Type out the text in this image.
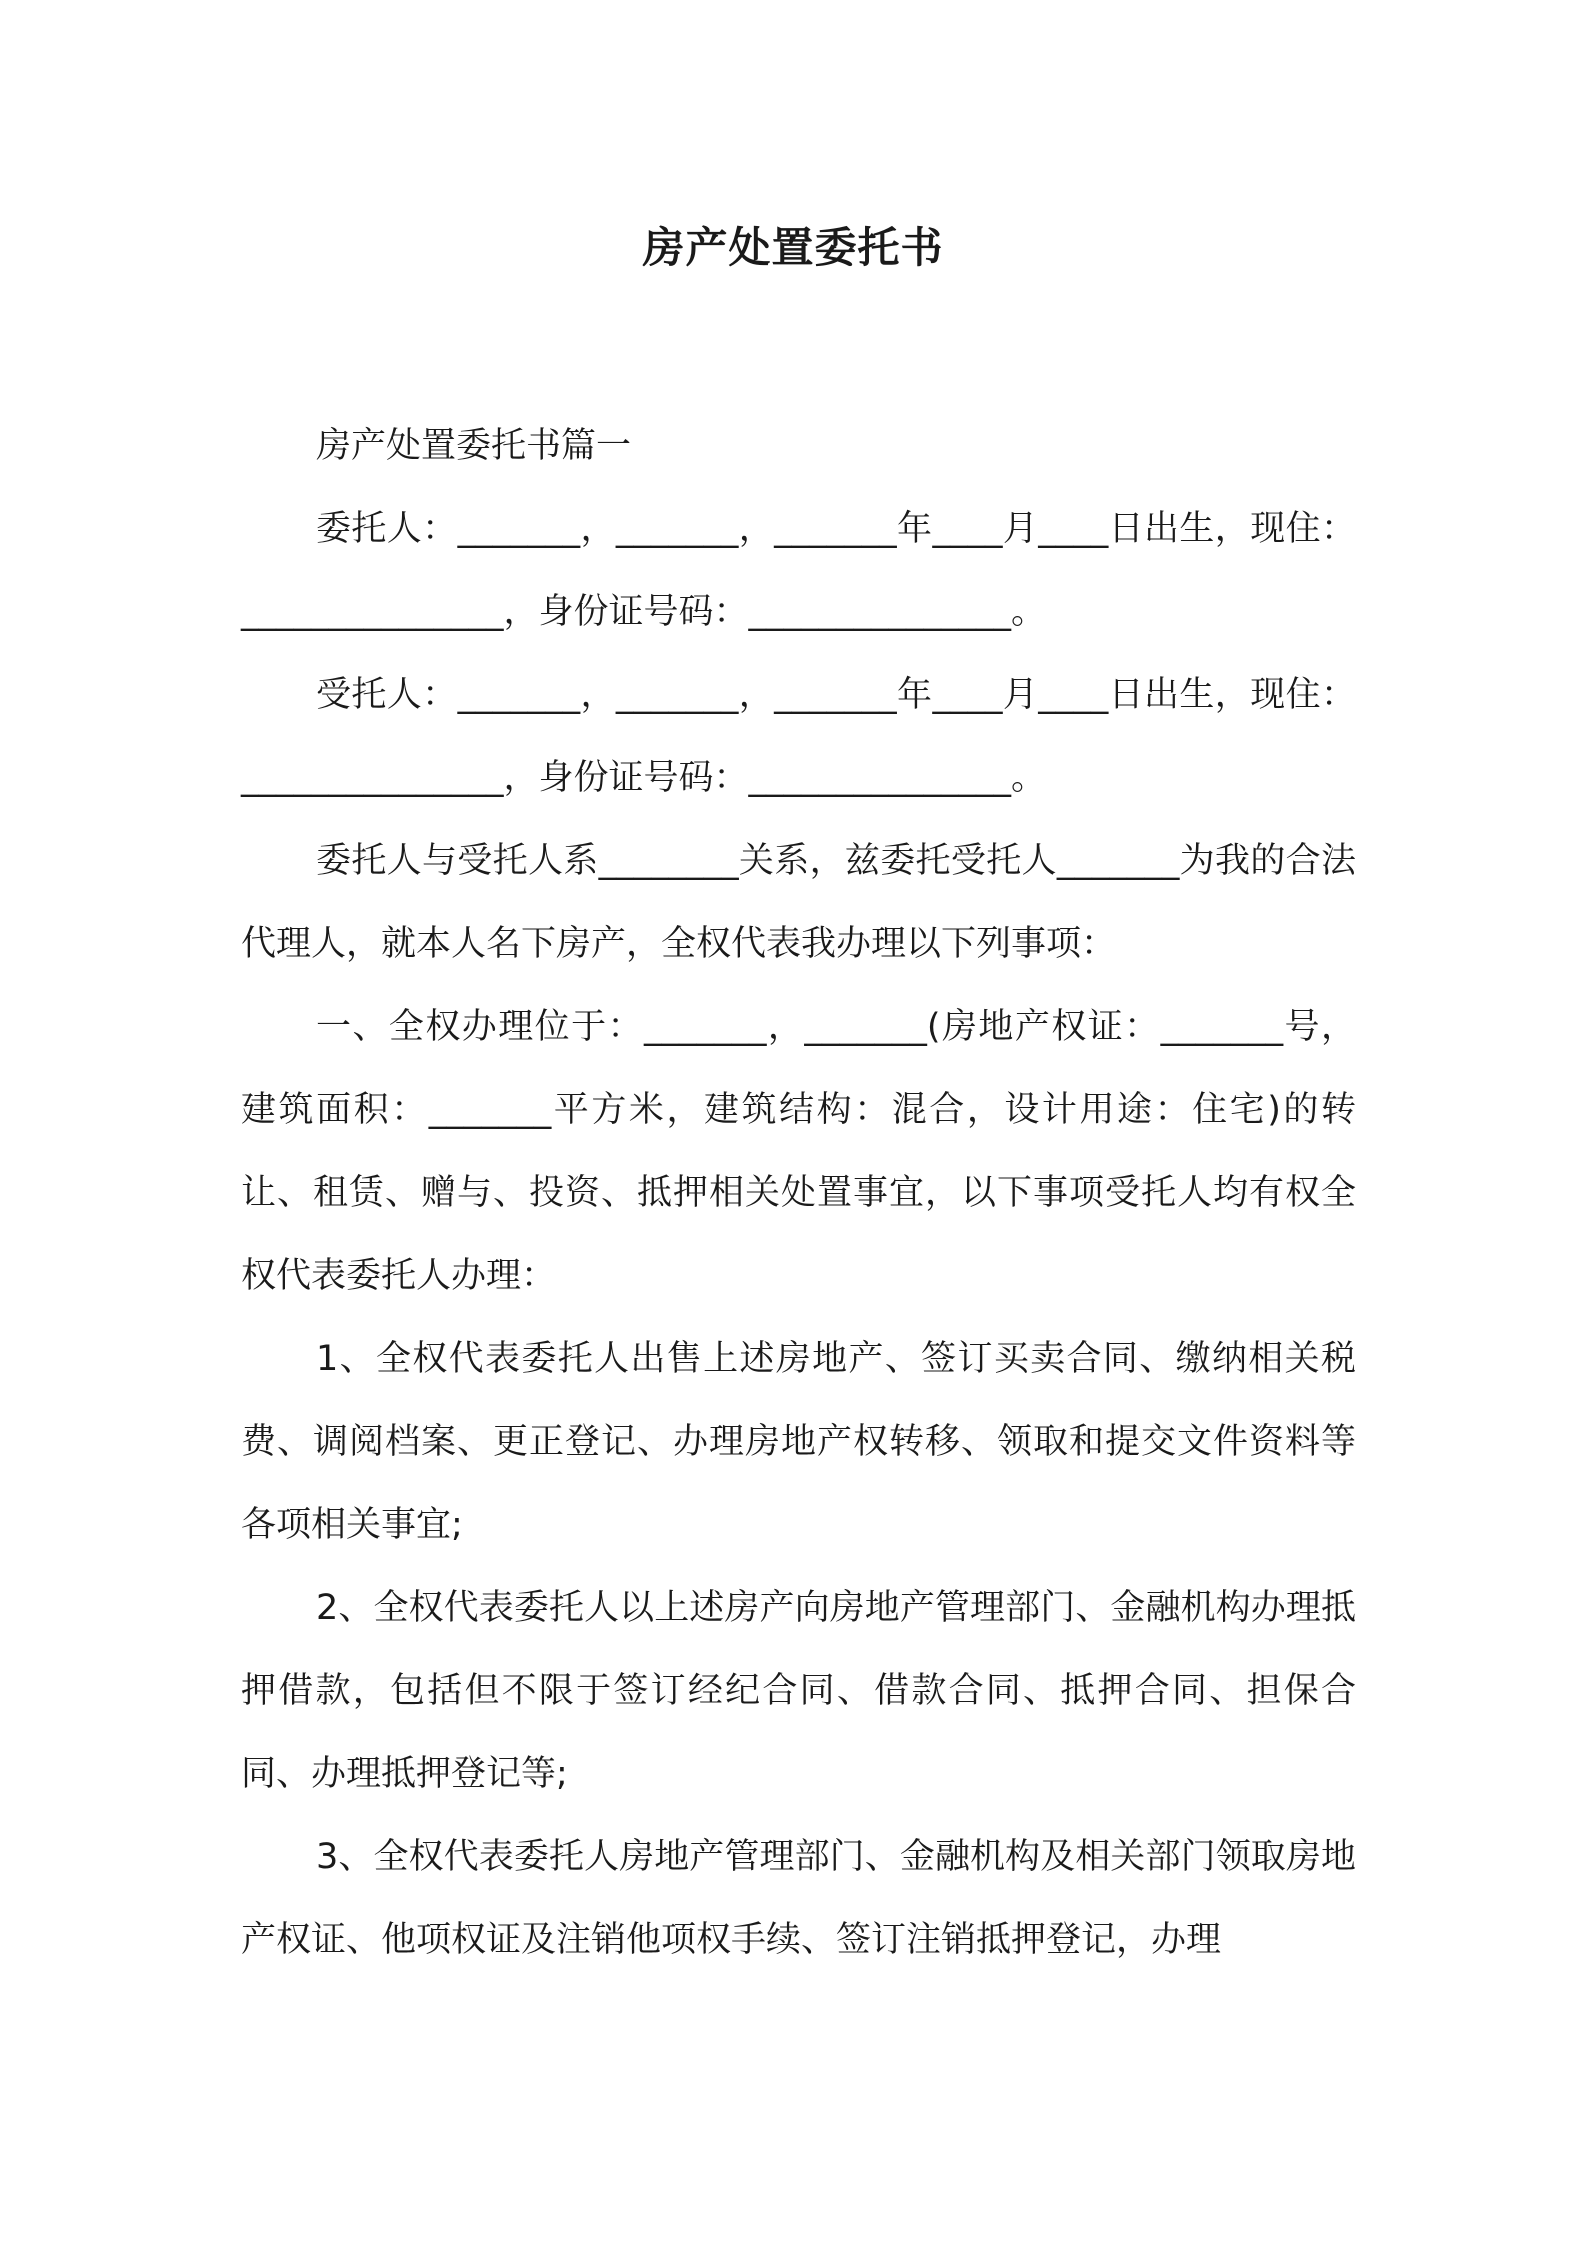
房产处置委托书

房产处置委托书篇一

委托人：_______，_______，_______年____月____日出生，现住：_______________，身份证号码：_______________。

受托人：_______，_______，_______年____月____日出生，现住：_______________，身份证号码：_______________。

委托人与受托人系________关系，兹委托受托人_______为我的合法代理人，就本人名下房产，全权代表我办理以下列事项：

一、全权办理位于：_______，_______(房地产权证：_______号，建筑面积：_______平方米，建筑结构：混合，设计用途：住宅)的转让、租赁、赠与、投资、抵押相关处置事宜，以下事项受托人均有权全权代表委托人办理：

1、全权代表委托人出售上述房地产、签订买卖合同、缴纳相关税费、调阅档案、更正登记、办理房地产权转移、领取和提交文件资料等各项相关事宜;

2、全权代表委托人以上述房产向房地产管理部门、金融机构办理抵押借款，包括但不限于签订经纪合同、借款合同、抵押合同、担保合同、办理抵押登记等;

3、全权代表委托人房地产管理部门、金融机构及相关部门领取房地产权证、他项权证及注销他项权手续、签订注销抵押登记，办理
